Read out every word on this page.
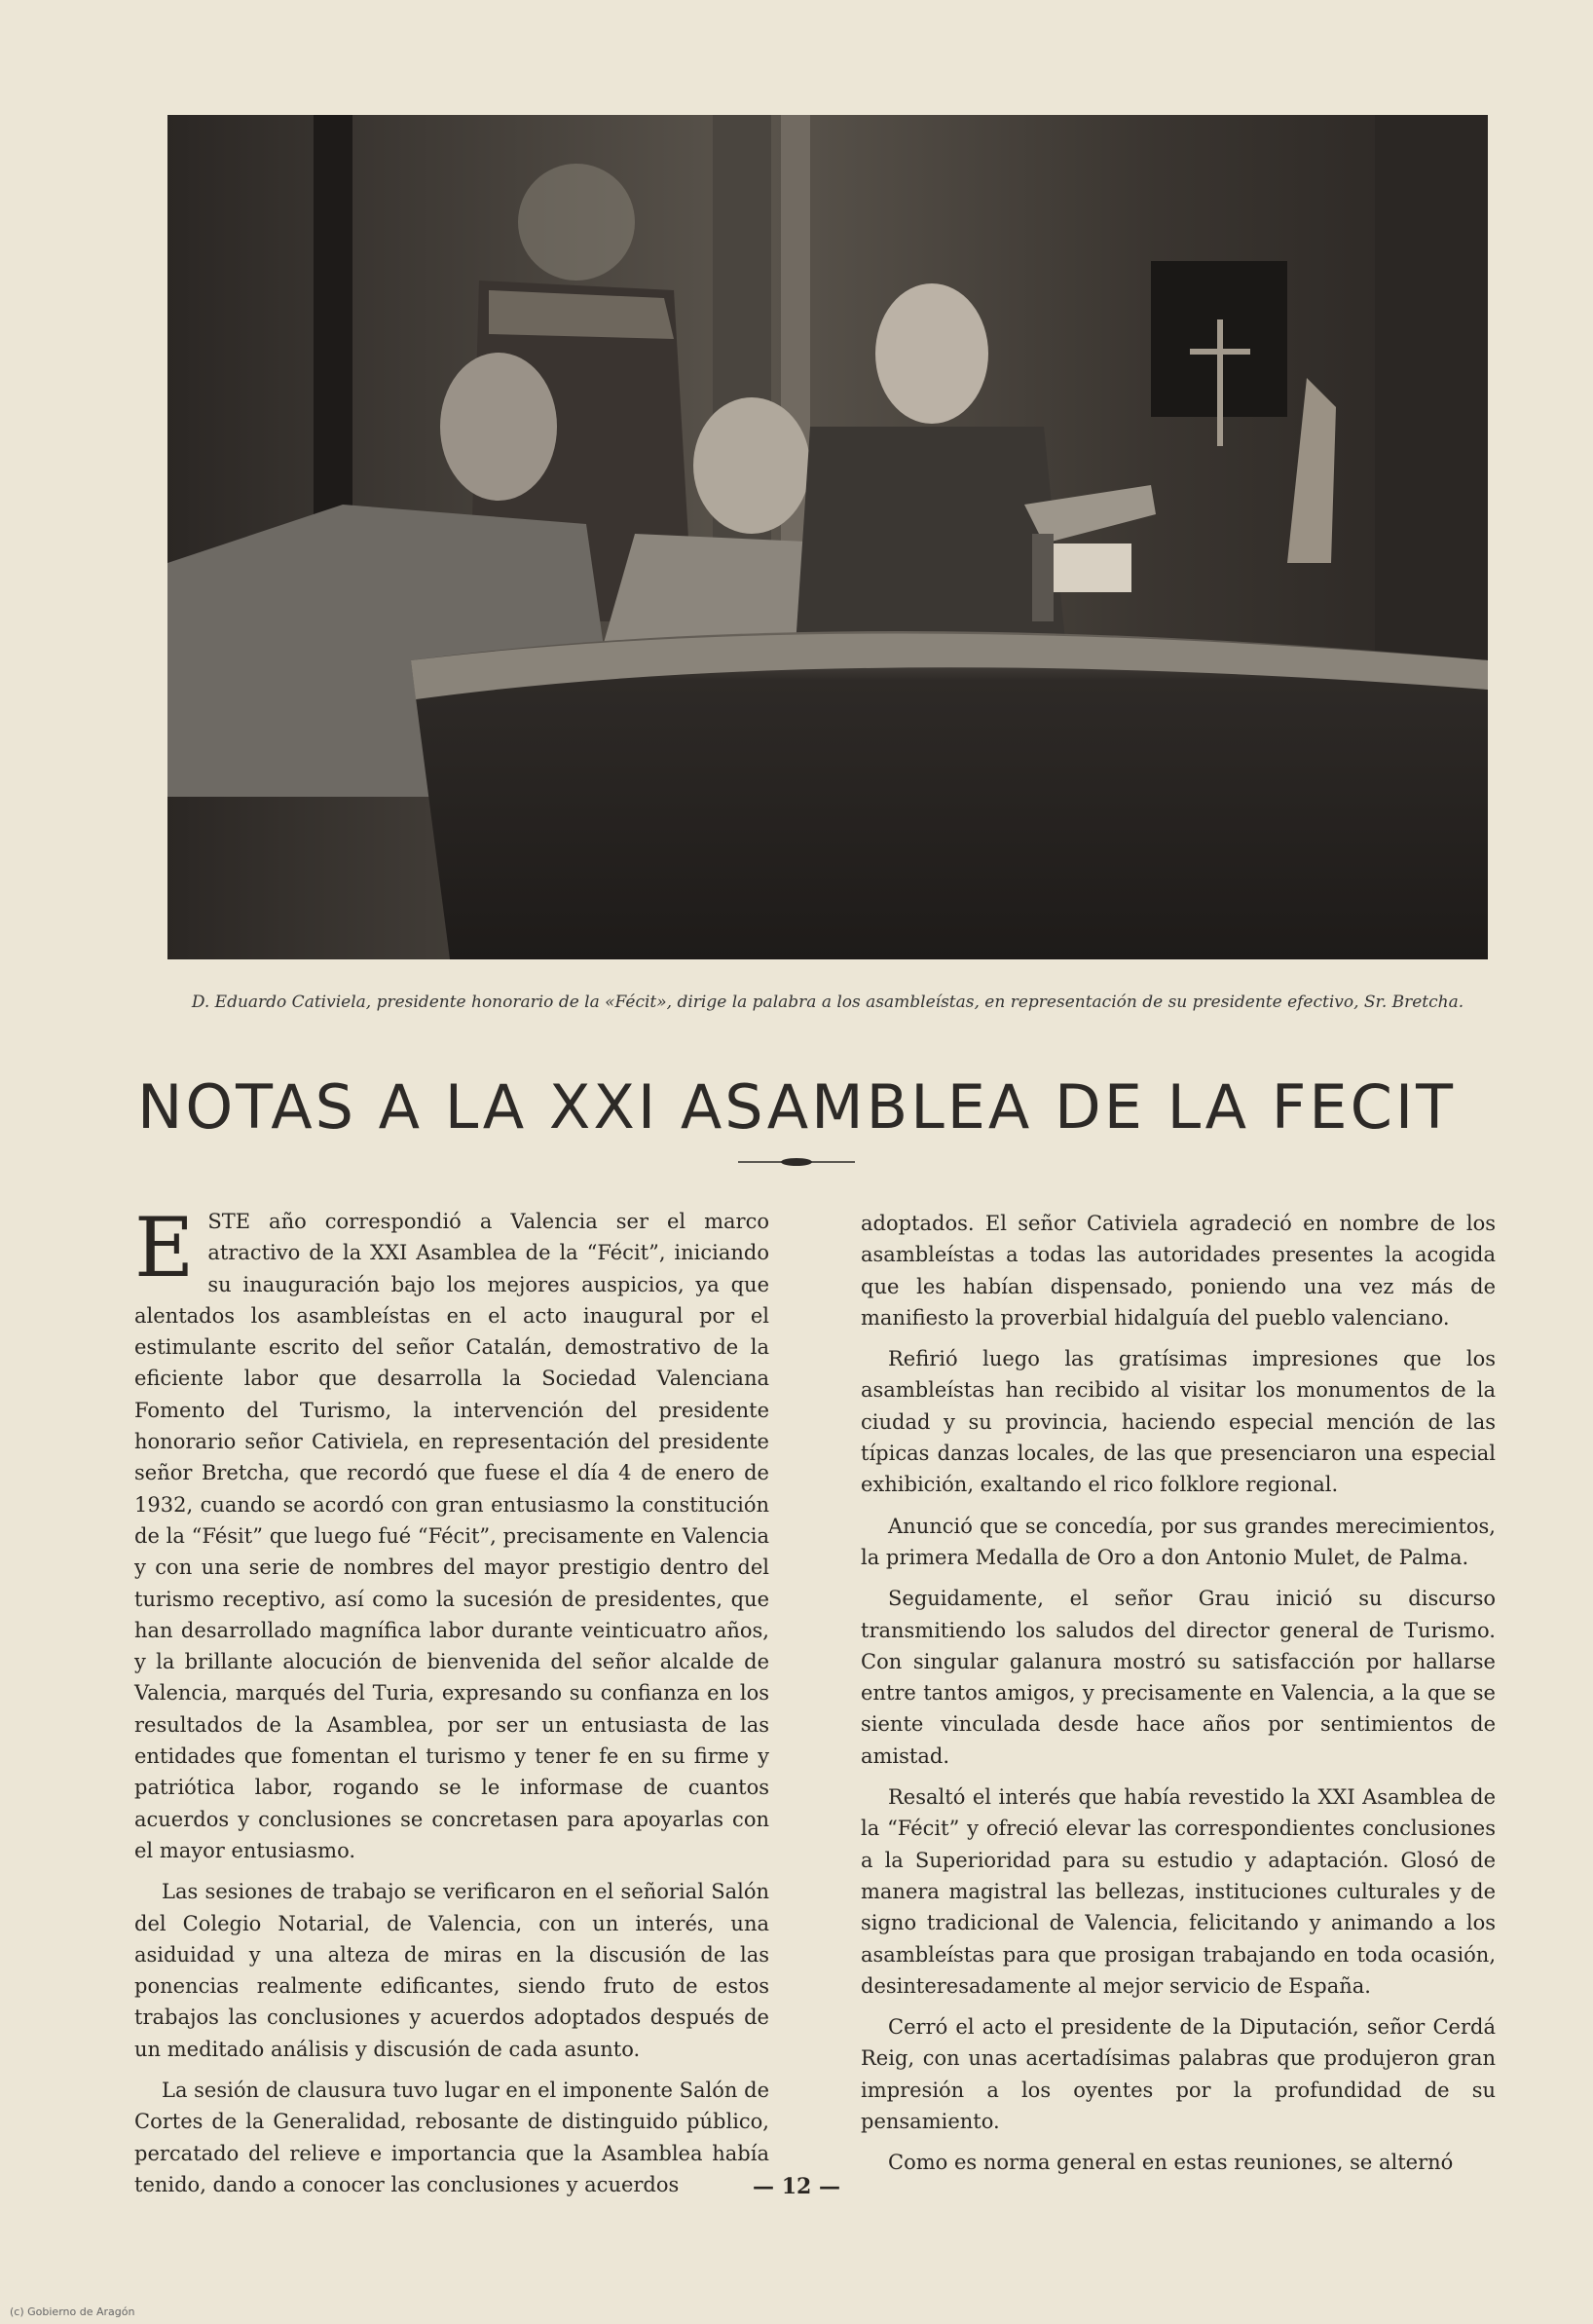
D. Eduardo Cativiela, presidente honorario de la «Fécit», dirige la palabra a los asambleístas, en representación de su presidente efectivo, Sr. Bretcha.
NOTAS A LA XXI ASAMBLEA DE LA FECIT

ESTE año correspondió a Valencia ser el marco atractivo de la XXI Asamblea de la “Fécit”, iniciando su inauguración bajo los mejores auspicios, ya que alentados los asambleístas en el acto inaugural por el estimulante escrito del señor Catalán, demostrativo de la eficiente labor que desarrolla la Sociedad Valenciana Fomento del Turismo, la intervención del presidente honorario señor Cativiela, en representación del presidente señor Bretcha, que recordó que fuese el día 4 de enero de 1932, cuando se acordó con gran entusiasmo la constitución de la “Fésit” que luego fué “Fécit”, precisamente en Valencia y con una serie de nombres del mayor prestigio dentro del turismo receptivo, así como la sucesión de presidentes, que han desarrollado magnífica labor durante veinticuatro años, y la brillante alocución de bienvenida del señor alcalde de Valencia, marqués del Turia, expresando su confianza en los resultados de la Asamblea, por ser un entusiasta de las entidades que fomentan el turismo y tener fe en su firme y patriótica labor, rogando se le informase de cuantos acuerdos y conclusiones se concretasen para apoyarlas con el mayor entusiasmo.

Las sesiones de trabajo se verificaron en el señorial Salón del Colegio Notarial, de Valencia, con un interés, una asiduidad y una alteza de miras en la discusión de las ponencias realmente edificantes, siendo fruto de estos trabajos las conclusiones y acuerdos adoptados después de un meditado análisis y discusión de cada asunto.

La sesión de clausura tuvo lugar en el imponente Salón de Cortes de la Generalidad, rebosante de distinguido público, percatado del relieve e importancia que la Asamblea había tenido, dando a conocer las conclusiones y acuerdos

adoptados. El señor Cativiela agradeció en nombre de los asambleístas a todas las autoridades presentes la acogida que les habían dispensado, poniendo una vez más de manifiesto la proverbial hidalguía del pueblo valenciano.

Refirió luego las gratísimas impresiones que los asambleístas han recibido al visitar los monumentos de la ciudad y su provincia, haciendo especial mención de las típicas danzas locales, de las que presenciaron una especial exhibición, exaltando el rico folklore regional.

Anunció que se concedía, por sus grandes merecimientos, la primera Medalla de Oro a don Antonio Mulet, de Palma.

Seguidamente, el señor Grau inició su discurso transmitiendo los saludos del director general de Turismo. Con singular galanura mostró su satisfacción por hallarse entre tantos amigos, y precisamente en Valencia, a la que se siente vinculada desde hace años por sentimientos de amistad.

Resaltó el interés que había revestido la XXI Asamblea de la “Fécit” y ofreció elevar las correspondientes conclusiones a la Superioridad para su estudio y adaptación. Glosó de manera magistral las bellezas, instituciones culturales y de signo tradicional de Valencia, felicitando y animando a los asambleístas para que prosigan trabajando en toda ocasión, desinteresadamente al mejor servicio de España.

Cerró el acto el presidente de la Diputación, señor Cerdá Reig, con unas acertadísimas palabras que produjeron gran impresión a los oyentes por la profundidad de su pensamiento.

Como es norma general en estas reuniones, se alternó

— 12 —
(c) Gobierno de Aragón
